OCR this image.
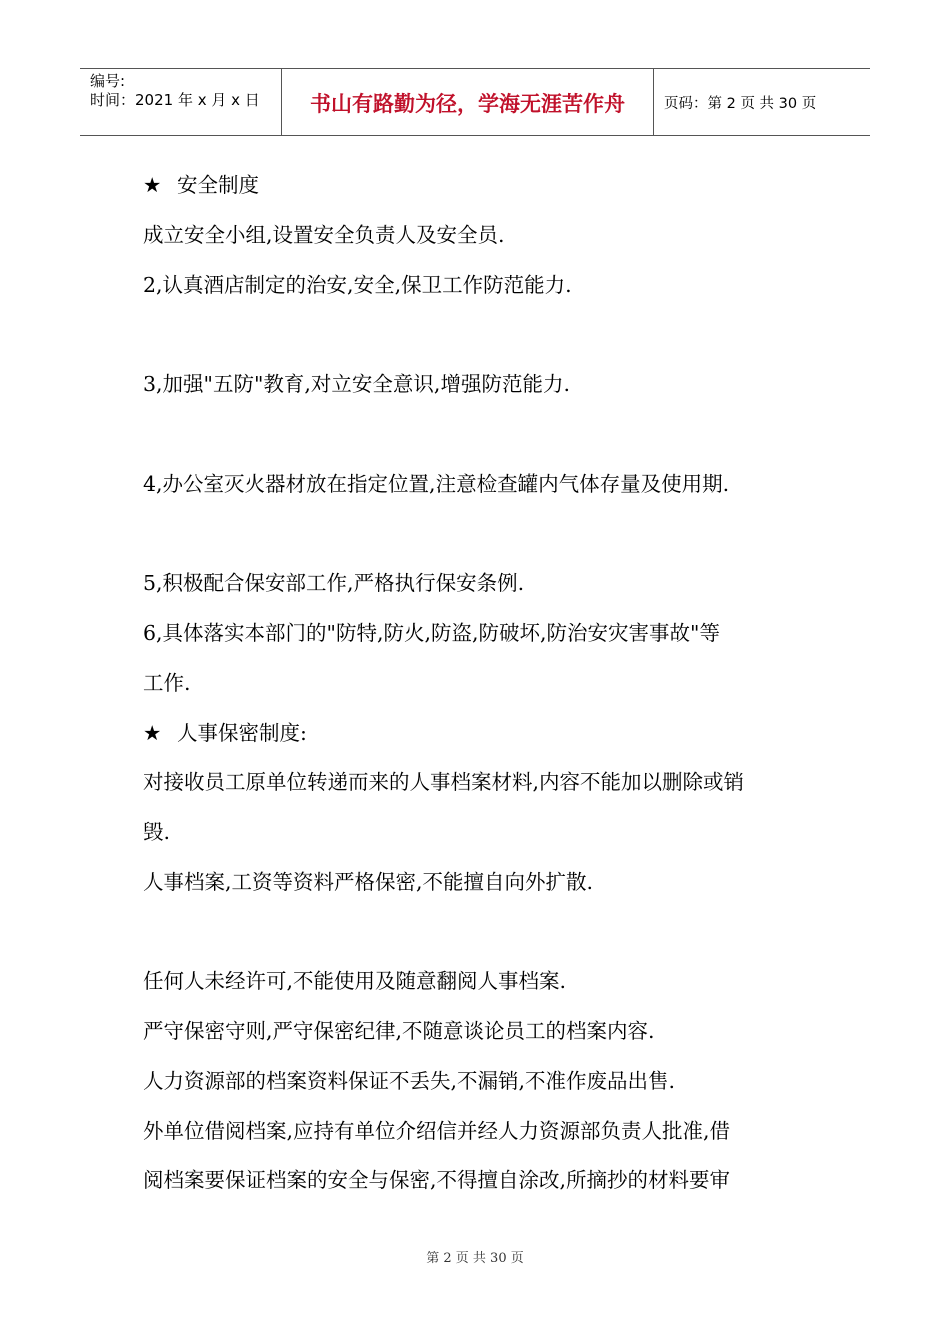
编号:
时间：2021 年 x 月 x 日	书山有路勤为径，学海无涯苦作舟	页码：第 2 页 共 30 页
★ 安全制度
成立安全小组,设置安全负责人及安全员.
2,认真酒店制定的治安,安全,保卫工作防范能力.
3,加强"五防"教育,对立安全意识,增强防范能力.
4,办公室灭火器材放在指定位置,注意检查罐内气体存量及使用期.
5,积极配合保安部工作,严格执行保安条例.
6,具体落实本部门的"防特,防火,防盗,防破坏,防治安灾害事故"等
工作.
★ 人事保密制度:
对接收员工原单位转递而来的人事档案材料,内容不能加以删除或销
毁.
人事档案,工资等资料严格保密,不能擅自向外扩散.
任何人未经许可,不能使用及随意翻阅人事档案.
严守保密守则,严守保密纪律,不随意谈论员工的档案内容.
人力资源部的档案资料保证不丢失,不漏销,不准作废品出售.
外单位借阅档案,应持有单位介绍信并经人力资源部负责人批准,借
阅档案要保证档案的安全与保密,不得擅自涂改,所摘抄的材料要审
第 2 页 共 30 页
